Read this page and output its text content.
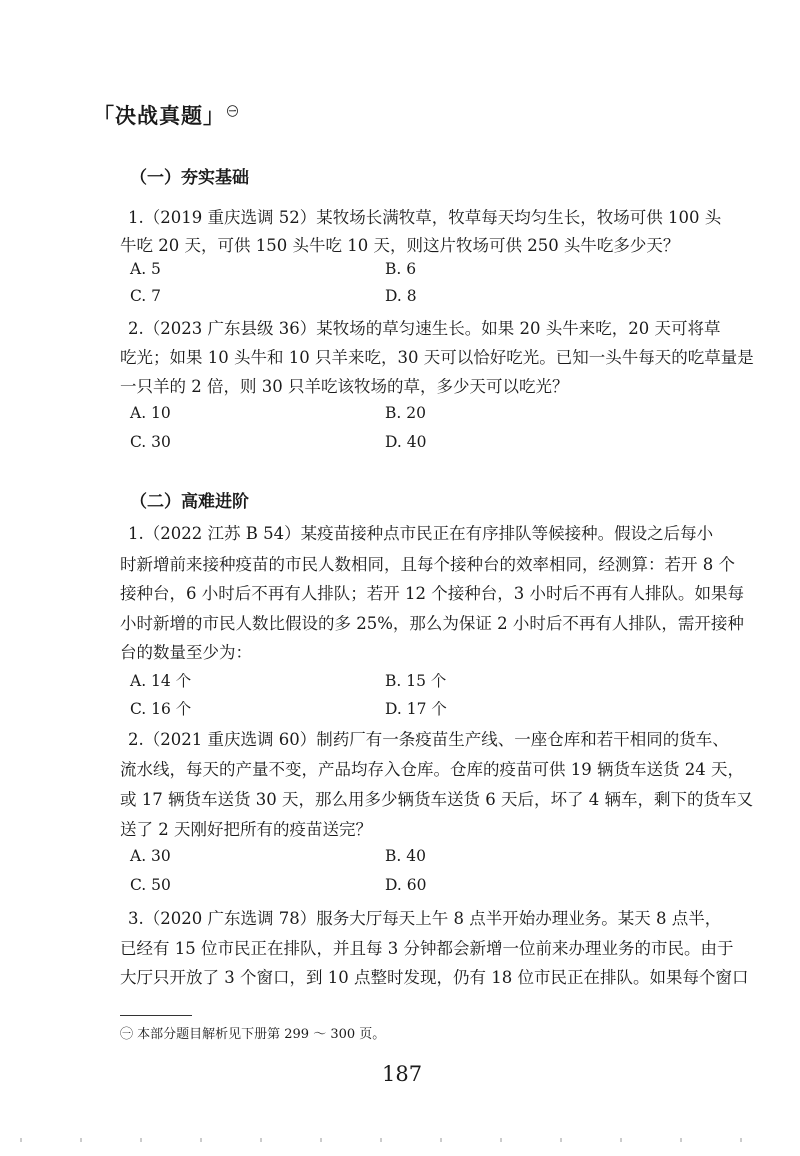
「决战真题」 $^㊀$
（一）夯实基础
1.（2019 重庆选调 52）某牧场长满牧草，牧草每天均匀生长，牧场可供 100 头
牛吃 20 天，可供 150 头牛吃 10 天，则这片牧场可供 250 头牛吃多少天？
A. 5	B. 6
C. 7	D. 8
2.（2023 广东县级 36）某牧场的草匀速生长。如果 20 头牛来吃，20 天可将草
吃光；如果 10 头牛和 10 只羊来吃，30 天可以恰好吃光。已知一头牛每天的吃草量是
一只羊的 2 倍，则 30 只羊吃该牧场的草，多少天可以吃光？
A. 10	B. 20
C. 30	D. 40
（二）高难进阶
1.（2022 江苏 B 54）某疫苗接种点市民正在有序排队等候接种。假设之后每小
时新增前来接种疫苗的市民人数相同，且每个接种台的效率相同，经测算：若开 8 个
接种台，6 小时后不再有人排队；若开 12 个接种台，3 小时后不再有人排队。如果每
小时新增的市民人数比假设的多 25%，那么为保证 2 小时后不再有人排队，需开接种
台的数量至少为：
A. 14 个	B. 15 个
C. 16 个	D. 17 个
2.（2021 重庆选调 60）制药厂有一条疫苗生产线、一座仓库和若干相同的货车、
流水线，每天的产量不变，产品均存入仓库。仓库的疫苗可供 19 辆货车送货 24 天，
或 17 辆货车送货 30 天，那么用多少辆货车送货 6 天后，坏了 4 辆车，剩下的货车又
送了 2 天刚好把所有的疫苗送完？
A. 30	B. 40
C. 50	D. 60
3.（2020 广东选调 78）服务大厅每天上午 8 点半开始办理业务。某天 8 点半，
已经有 15 位市民正在排队，并且每 3 分钟都会新增一位前来办理业务的市民。由于
大厅只开放了 3 个窗口，到 10 点整时发现，仍有 18 位市民正在排队。如果每个窗口
㊀ 本部分题目解析见下册第 299 ～ 300 页。
187
